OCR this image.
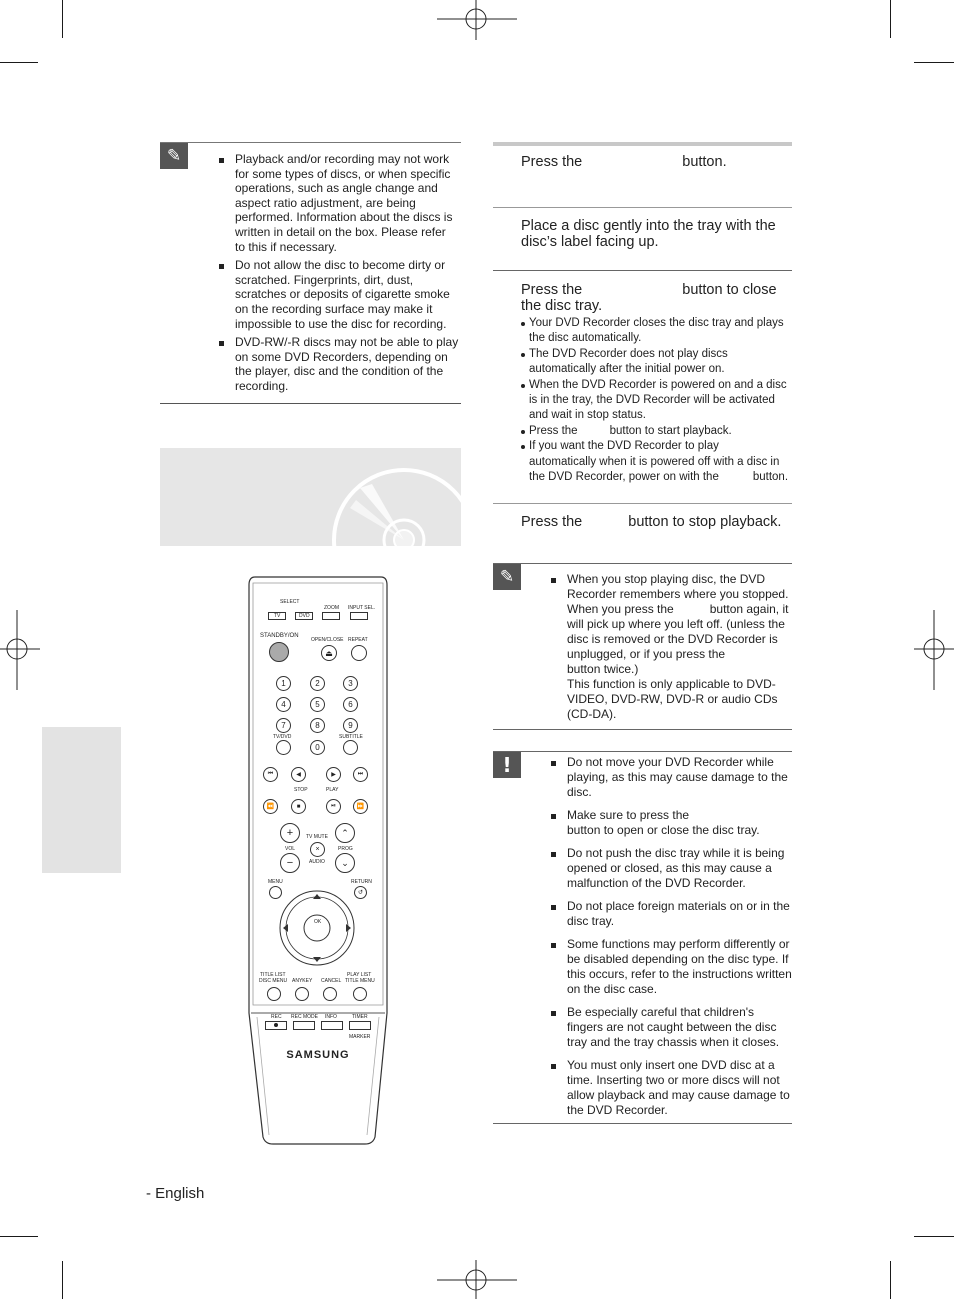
✎	Playback and/or recording may not work for some types of discs, or when specific operations, such as angle change and aspect ratio adjustment, are being performed. Information about the discs is written in detail on the box. Please refer to this if necessary.
Do not allow the disc to become dirty or scratched. Fingerprints, dirt, dust, scratches or deposits of cigarette smoke on the recording surface may make it impossible to use the disc for recording.
DVD-RW/-R discs may not be able to play on some DVD Recorders, depending on the player, disc and the condition of the recording.
Press the	button.
Place a disc gently into the tray with the disc’s label facing up.
Press the	button to close
the disc tray.
Your DVD Recorder closes the disc tray and plays the disc automatically.
The DVD Recorder does not play discs automatically after the initial power on.
When the DVD Recorder is powered on and a disc is in the tray, the DVD Recorder will be activated and wait in stop status.
Press the	button to start playback.
If you want the DVD Recorder to play automatically when it is powered off with a disc in the DVD Recorder, power on with the	button.
Press the	button to stop playback.
✎	When you stop playing disc, the DVD Recorder remembers where you stopped.
When you press the	button again, it will pick up where you left off. (unless the disc is removed or the DVD Recorder is unplugged, or if you press the
button twice.)
This function is only applicable to DVD-VIDEO, DVD-RW, DVD-R or audio CDs (CD-DA).
!	Do not move your DVD Recorder while playing, as this may cause damage to the disc.
Make sure to press the
button to open or close the disc tray.
Do not push the disc tray while it is being opened or closed, as this may cause a malfunction of the DVD Recorder.
Do not place foreign materials on or in the disc tray.
Some functions may perform differently or be disabled depending on the disc type. If this occurs, refer to the instructions written on the disc case.
Be especially careful that children's fingers are not caught between the disc tray and the tray chassis when it closes.
You must only insert one DVD disc at a time. Inserting two or more discs will not allow playback and may cause damage to the DVD Recorder.
SELECT
TV	DVD
ZOOM INPUT SEL.
STANDBY/ON
OPEN/CLOSE
⏏
REPEAT
1	2	3
4	5	6
7	8	9
TV/DVD
0
SUBTITLE
⏮	◀	▶	⏭
STOP	PLAY
⏪	■	⏯	⏩
+
VOL
−
TV MUTE
×
AUDIO
⌃
PROG
⌄
MENU	RETURN
↺
OK
TITLE LIST
DISC MENU ANYKEY CANCEL
PLAY LIST
TITLE MENU
REC REC MODE INFO	TIMER
MARKER
SAMSUNG
- English
